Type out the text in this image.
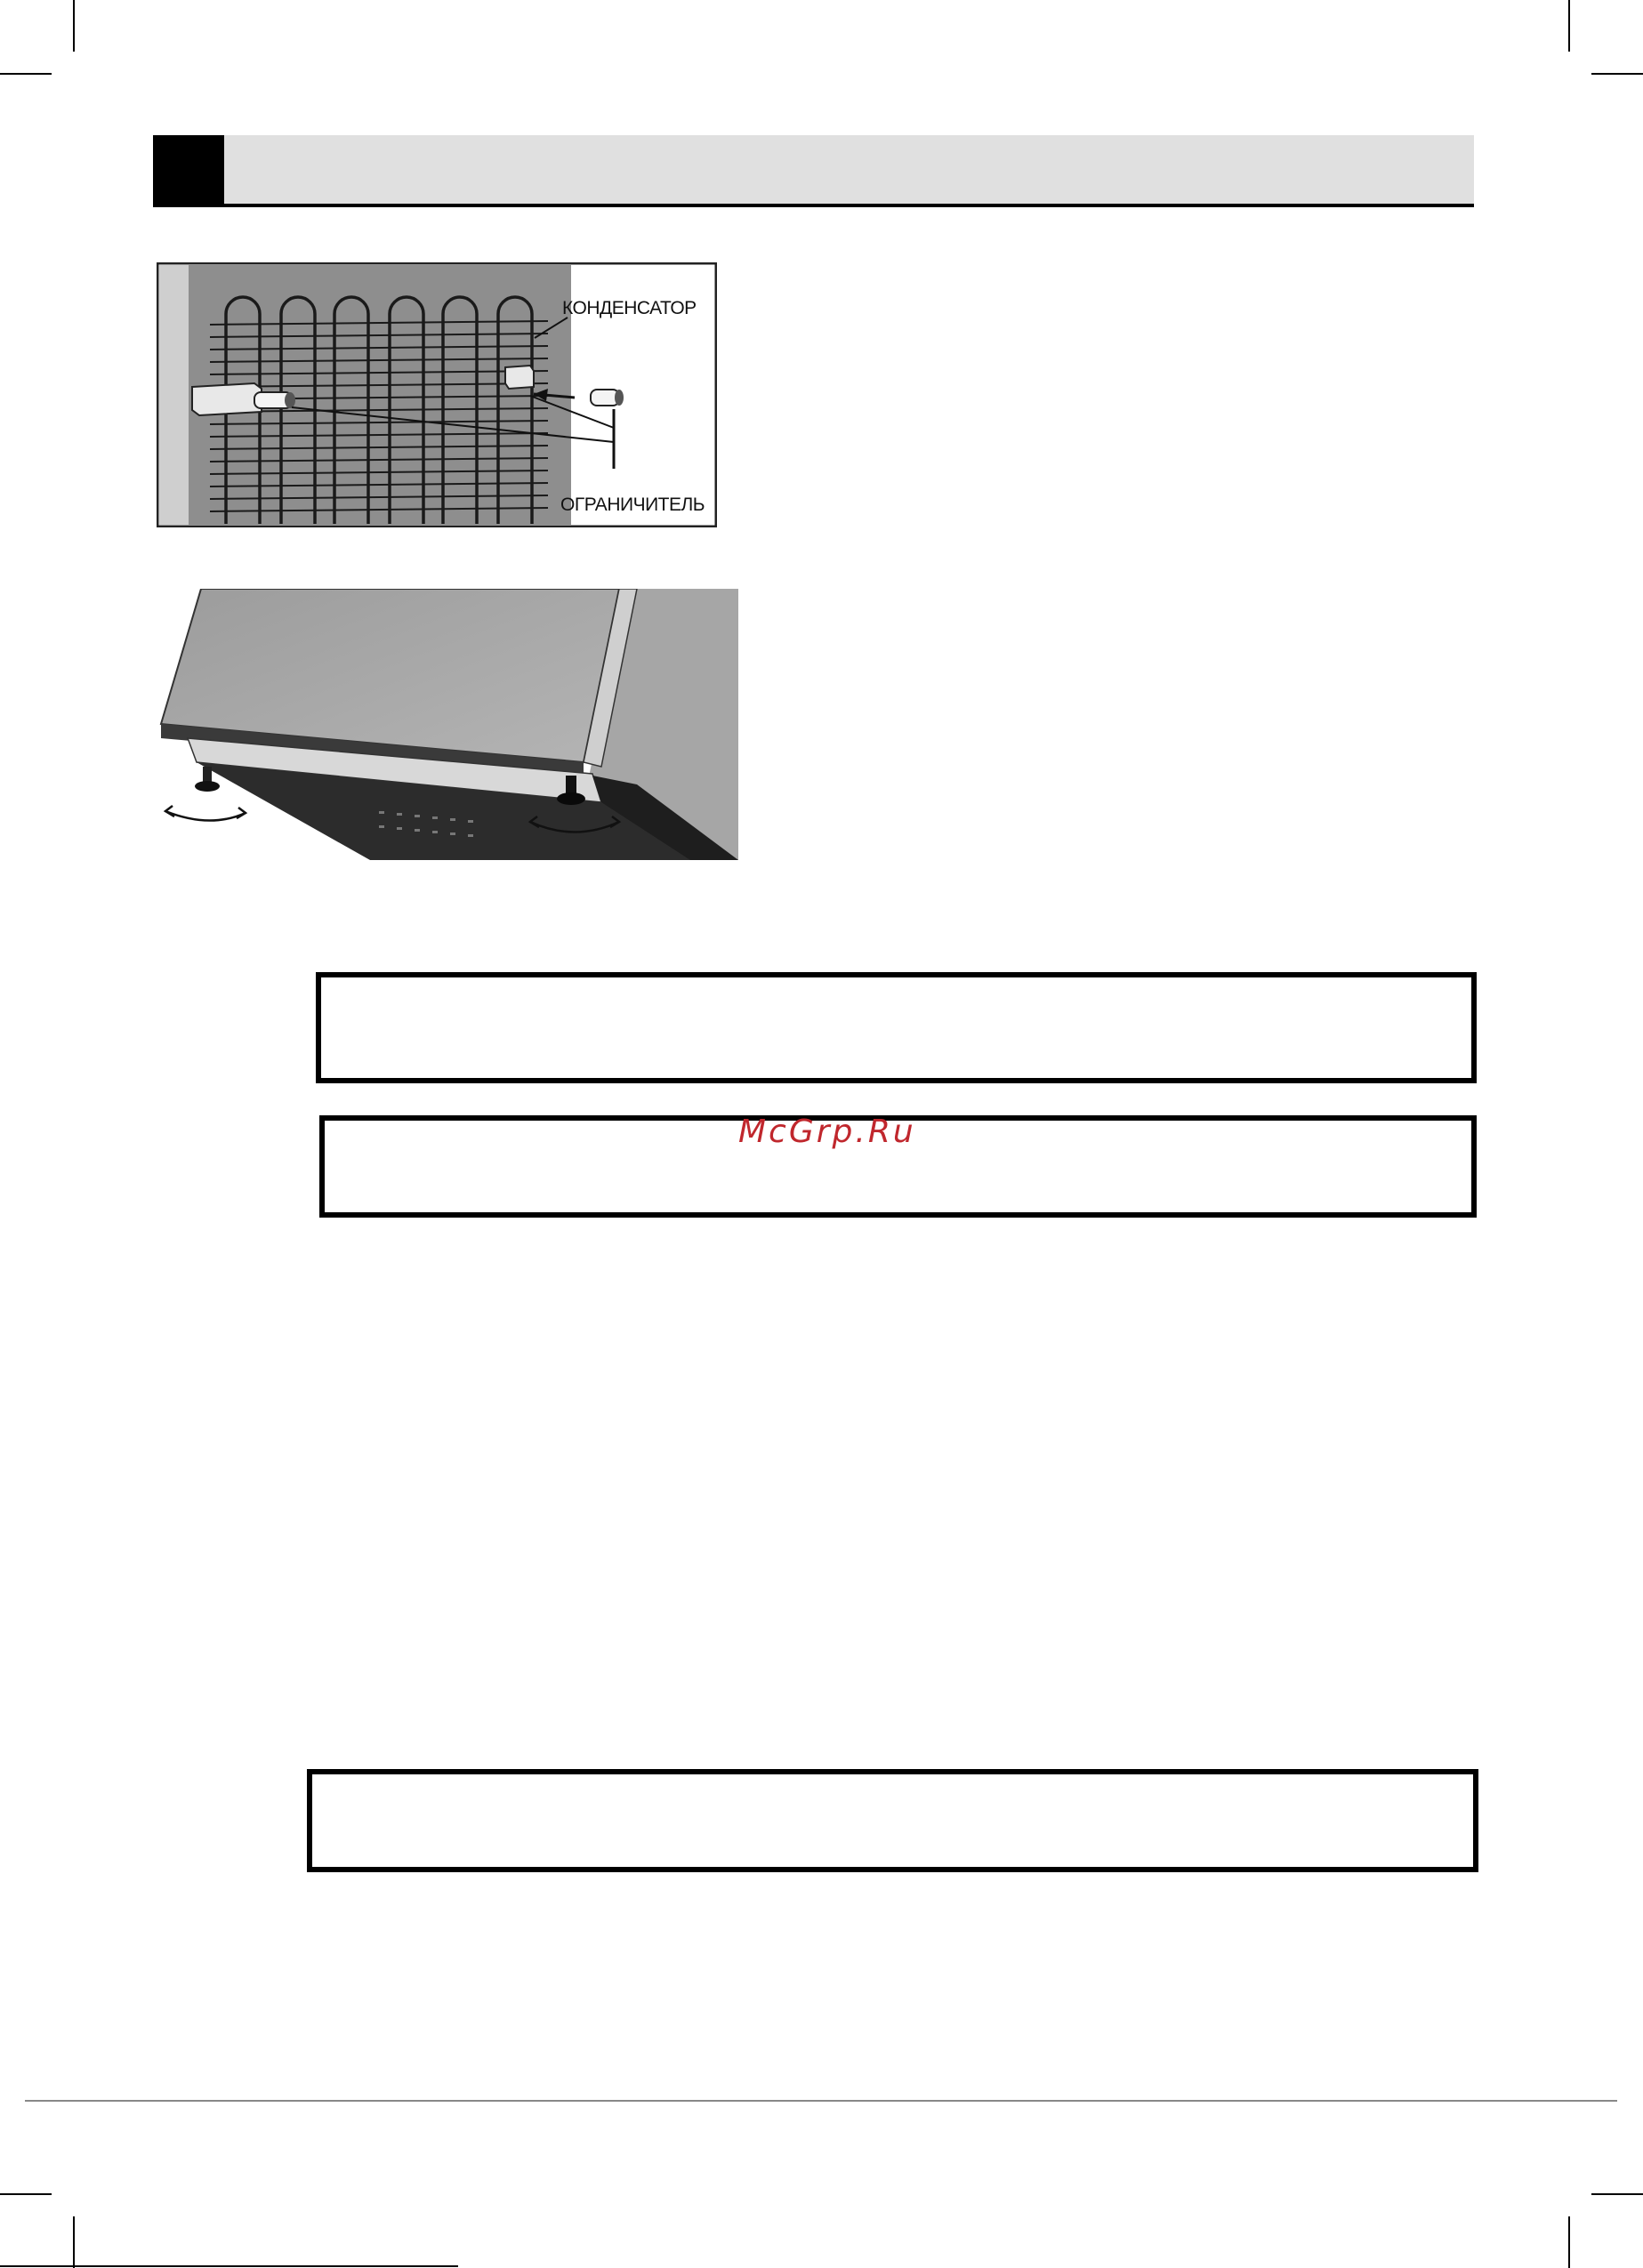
КОНДЕНСАТОР
ОГРАНИЧИТЕЛЬ
McGrp.Ru
